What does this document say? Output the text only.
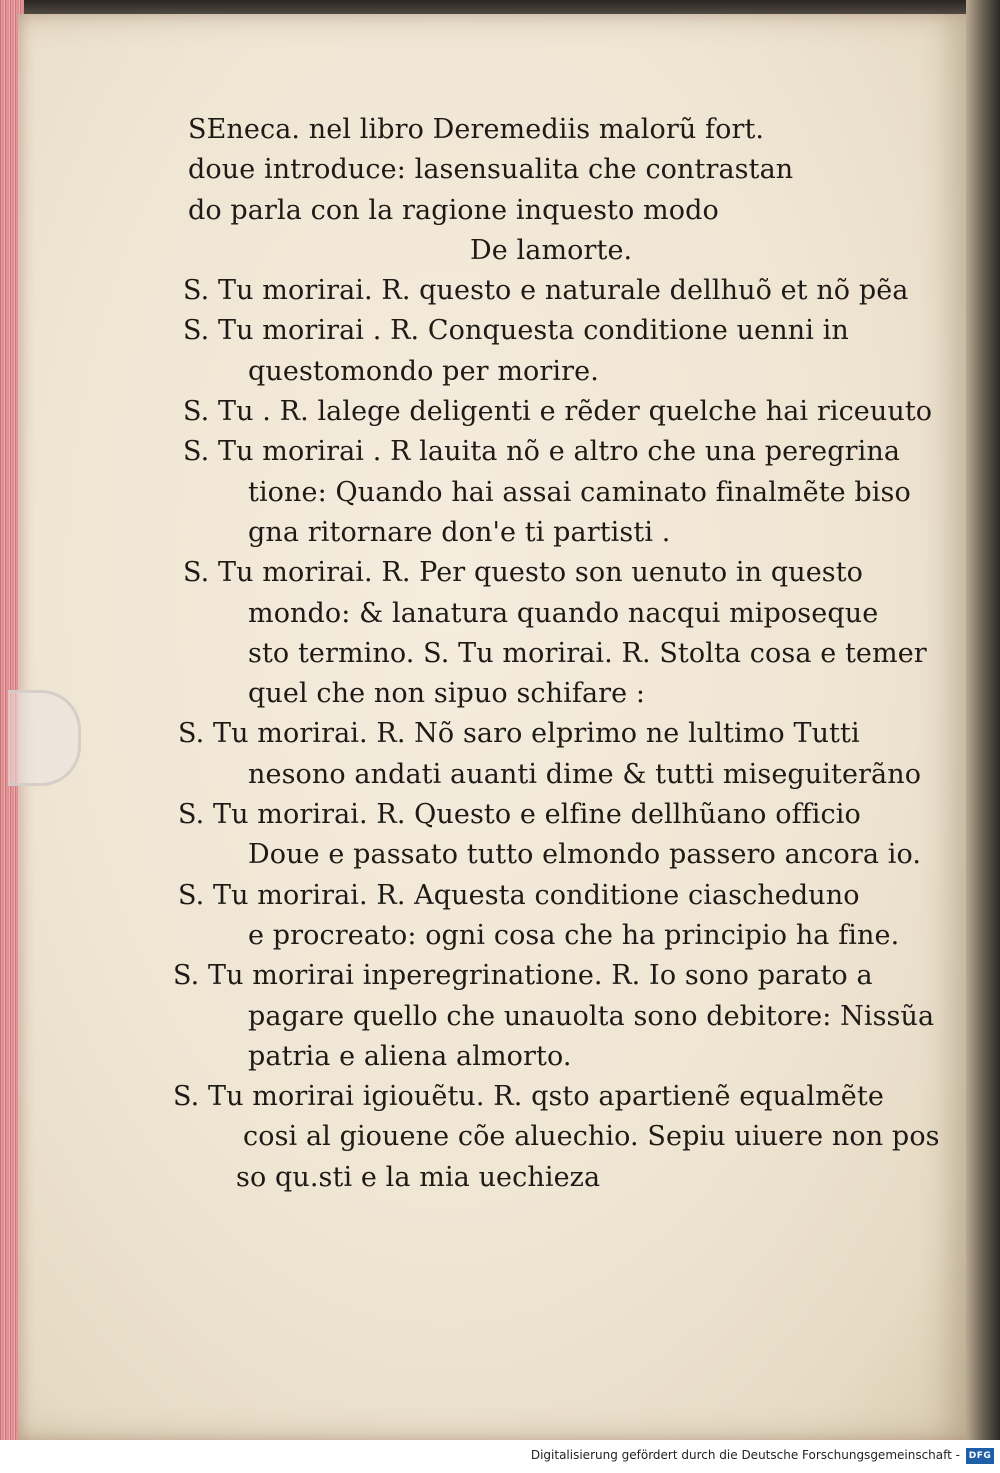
SEneca. nel libro Deremediis malorũ fort.
doue introduce: lasensualita che contrastan
do parla con la ragione inquesto modo
De lamorte.
S. Tu morirai. R. questo e naturale dellhuõ et nõ pẽa
S. Tu morirai . R. Conquesta conditione uenni in
questomondo per morire.
S. Tu . R. lalege deligenti e rẽder quelche hai riceuuto
S. Tu morirai . R lauita nõ e altro che una peregrina
tione: Quando hai assai caminato finalmẽte biso
gna ritornare don'e ti partisti .
S. Tu morirai. R. Per questo son uenuto in questo
mondo: & lanatura quando nacqui miposeque
sto termino. S. Tu morirai. R. Stolta cosa e temer
quel che non sipuo schifare :
S. Tu morirai. R. Nõ saro elprimo ne lultimo Tutti
nesono andati auanti dime & tutti miseguiterãno
S. Tu morirai. R. Questo e elfine dellhũano officio
Doue e passato tutto elmondo passero ancora io.
S. Tu morirai. R. Aquesta conditione ciascheduno
e procreato: ogni cosa che ha principio ha fine.
S. Tu morirai inperegrinatione. R. Io sono parato a
pagare quello che unauolta sono debitore: Nissũa
patria e aliena almorto.
S. Tu morirai igiouẽtu. R. qsto apartienẽ equalmẽte
cosi al giouene cõe aluechio. Sepiu uiuere non pos
so qu.sti e la mia uechieza
Digitalisierung gefördert durch die Deutsche Forschungsgemeinschaft - DFG
